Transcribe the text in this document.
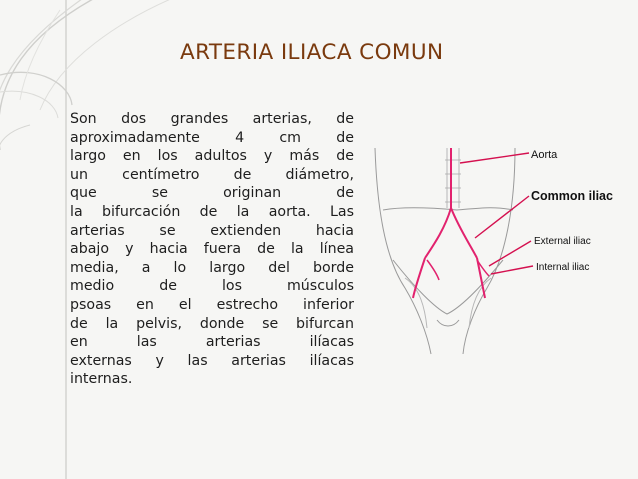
ARTERIA ILIACA COMUN
Son dos grandes arterias, de
aproximadamente 4 cm de
largo en los adultos y más de
un centímetro de diámetro,
que se originan de
la bifurcación de la aorta. Las
arterias se extienden hacia
abajo y hacia fuera de la línea
media, a lo largo del borde
medio de los músculos
psoas en el estrecho inferior
de la pelvis, donde se bifurcan
en las arterias ilíacas
externas y las arterias ilíacas
internas.
Aorta
Common iliac
External iliac
Internal iliac
